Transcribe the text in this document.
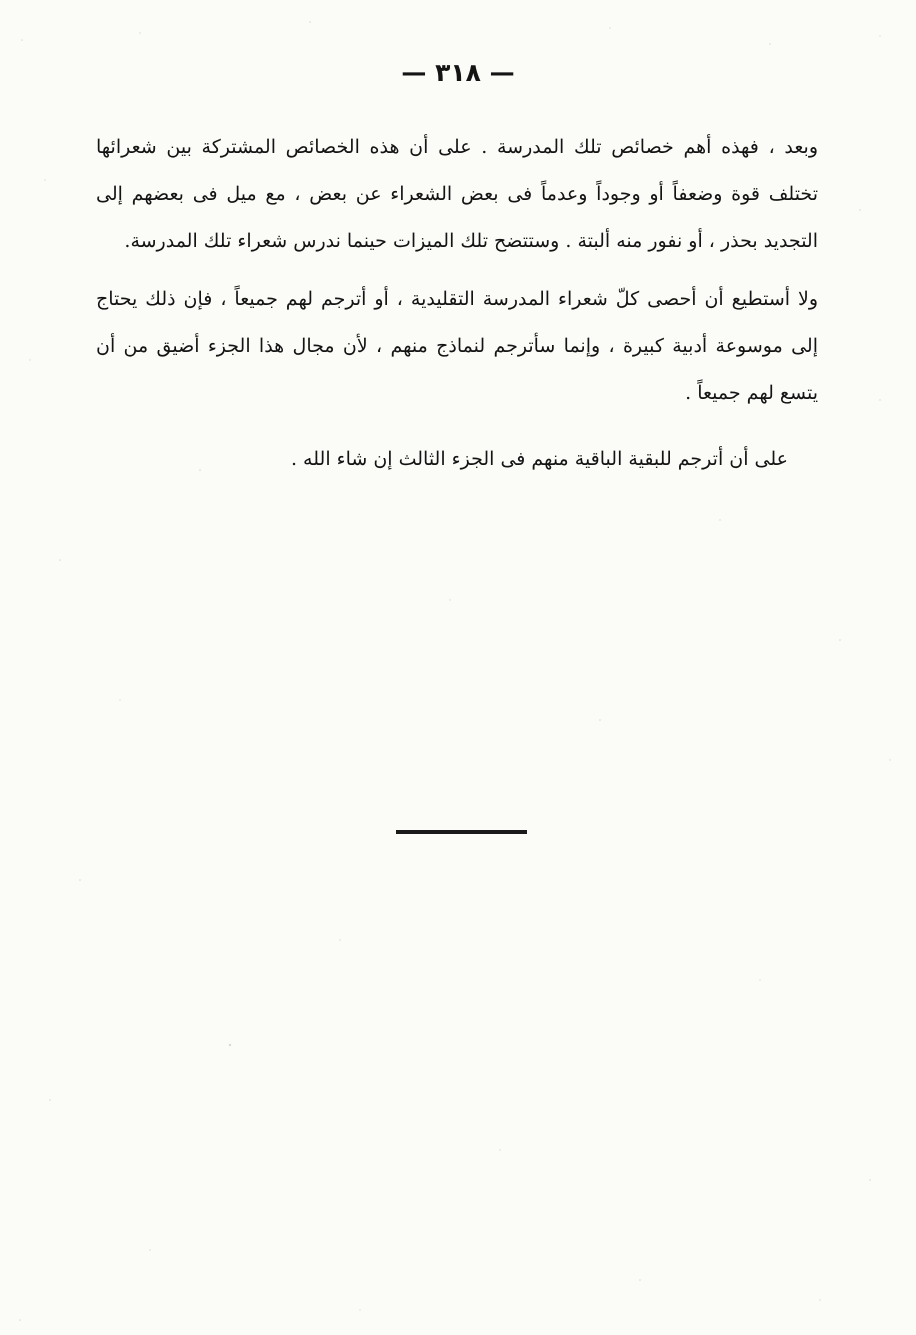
— ٣١٨ —

وبعد ، فهذه أهم خصائص تلك المدرسة . على أن هذه الخصائص المشتركة بين شعرائها تختلف قوة وضعفاً أو وجوداً وعدماً فى بعض الشعراء عن بعض ، مع ميل فى بعضهم إلى التجديد بحذر ، أو نفور منه ألبتة . وستتضح تلك الميزات حينما ندرس شعراء تلك المدرسة.

ولا أستطيع أن أحصى كلّ شعراء المدرسة التقليدية ، أو أترجم لهم جميعاً ، فإن ذلك يحتاج إلى موسوعة أدبية كبيرة ، وإنما سأترجم لنماذج منهم ، لأن مجال هذا الجزء أضيق من أن يتسع لهم جميعاً .

على أن أترجم للبقية الباقية منهم فى الجزء الثالث إن شاء الله .
